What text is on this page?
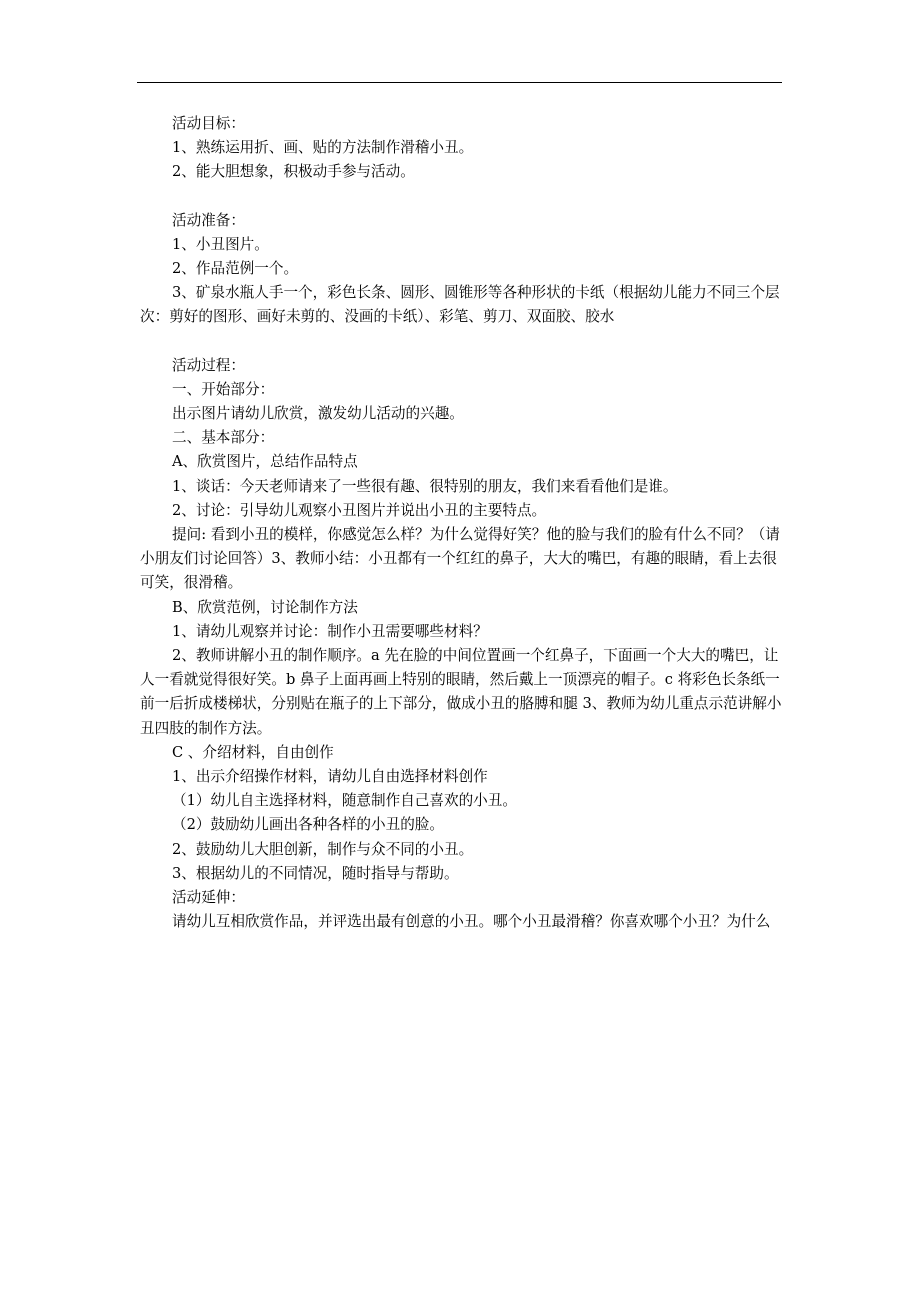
活动目标：

1、熟练运用折、画、贴的方法制作滑稽小丑。

2、能大胆想象，积极动手参与活动。

活动准备：

1、小丑图片。

2、作品范例一个。

3、矿泉水瓶人手一个，彩色长条、圆形、圆锥形等各种形状的卡纸（根据幼儿能力不同三个层次：剪好的图形、画好未剪的、没画的卡纸）、彩笔、剪刀、双面胶、胶水

活动过程：

一、开始部分：

出示图片请幼儿欣赏，激发幼儿活动的兴趣。

二、基本部分：

A、欣赏图片，总结作品特点

1、谈话：今天老师请来了一些很有趣、很特别的朋友，我们来看看他们是谁。

2、讨论：引导幼儿观察小丑图片并说出小丑的主要特点。

提问: 看到小丑的模样，你感觉怎么样？为什么觉得好笑？他的脸与我们的脸有什么不同？（请小朋友们讨论回答）3、教师小结：小丑都有一个红红的鼻子，大大的嘴巴，有趣的眼睛，看上去很可笑，很滑稽。

B、欣赏范例，讨论制作方法

1、请幼儿观察并讨论：制作小丑需要哪些材料？

2、教师讲解小丑的制作顺序。a 先在脸的中间位置画一个红鼻子，下面画一个大大的嘴巴，让人一看就觉得很好笑。b 鼻子上面再画上特别的眼睛，然后戴上一顶漂亮的帽子。c 将彩色长条纸一前一后折成楼梯状，分别贴在瓶子的上下部分，做成小丑的胳膊和腿 3、教师为幼儿重点示范讲解小丑四肢的制作方法。

C 、介绍材料，自由创作

1、出示介绍操作材料，请幼儿自由选择材料创作

（1）幼儿自主选择材料，随意制作自己喜欢的小丑。

（2）鼓励幼儿画出各种各样的小丑的脸。

2、鼓励幼儿大胆创新，制作与众不同的小丑。

3、根据幼儿的不同情况，随时指导与帮助。

活动延伸：

请幼儿互相欣赏作品，并评选出最有创意的小丑。哪个小丑最滑稽？你喜欢哪个小丑？为什么
